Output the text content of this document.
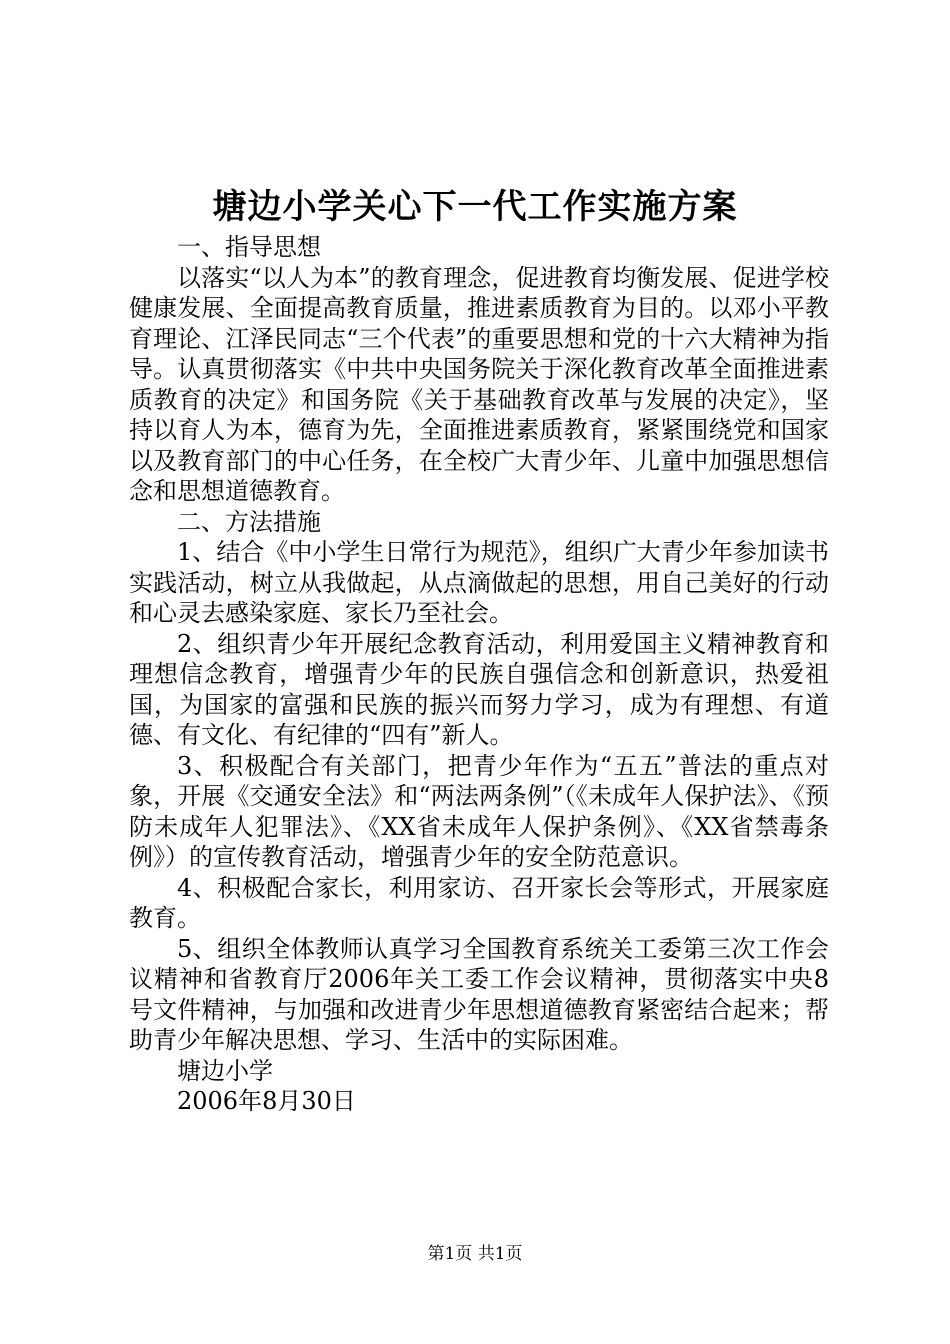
塘边小学关心下一代工作实施方案

一、指导思想

以落实“以人为本”的教育理念，促进教育均衡发展、促进学校健康发展、全面提高教育质量，推进素质教育为目的。以邓小平教育理论、江泽民同志“三个代表”的重要思想和党的十六大精神为指导。认真贯彻落实《中共中央国务院关于深化教育改革全面推进素质教育的决定》和国务院《关于基础教育改革与发展的决定》，坚持以育人为本，德育为先，全面推进素质教育，紧紧围绕党和国家以及教育部门的中心任务，在全校广大青少年、儿童中加强思想信念和思想道德教育。

二、方法措施

1、结合《中小学生日常行为规范》，组织广大青少年参加读书实践活动，树立从我做起，从点滴做起的思想，用自己美好的行动和心灵去感染家庭、家长乃至社会。

2、组织青少年开展纪念教育活动，利用爱国主义精神教育和理想信念教育，增强青少年的民族自强信念和创新意识，热爱祖国，为国家的富强和民族的振兴而努力学习，成为有理想、有道德、有文化、有纪律的“四有”新人。

3、积极配合有关部门，把青少年作为“五五”普法的重点对象，开展《交通安全法》和“两法两条例”（《未成年人保护法》、《预防未成年人犯罪法》、《XX省未成年人保护条例》、《XX省禁毒条例》）的宣传教育活动，增强青少年的安全防范意识。

4、积极配合家长，利用家访、召开家长会等形式，开展家庭教育。

5、组织全体教师认真学习全国教育系统关工委第三次工作会议精神和省教育厅2006年关工委工作会议精神，贯彻落实中央8号文件精神，与加强和改进青少年思想道德教育紧密结合起来；帮助青少年解决思想、学习、生活中的实际困难。

塘边小学

2006年8月30日

第1页 共1页
